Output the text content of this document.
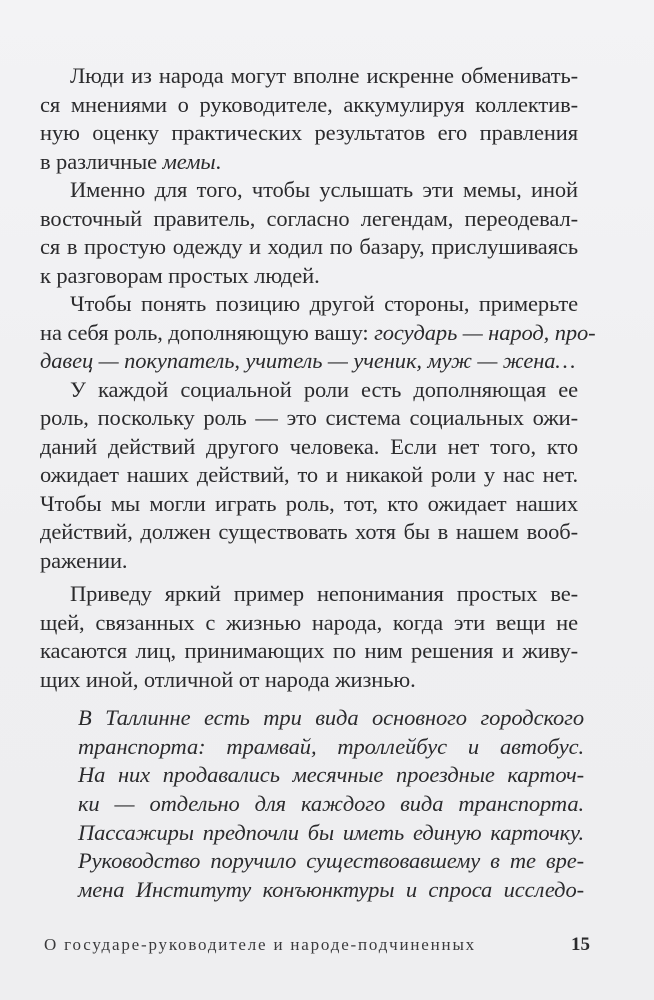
Люди из народа могут вполне искренне обменивать-
ся мнениями о руководителе, аккумулируя коллектив-
ную оценку практических результатов его правления
в различные мемы.
Именно для того, чтобы услышать эти мемы, иной
восточный правитель, согласно легендам, переодевал-
ся в простую одежду и ходил по базару, прислушиваясь
к разговорам простых людей.
Чтобы понять позицию другой стороны, примерьте
на себя роль, дополняющую вашу: государь — народ, про-
давец — покупатель, учитель — ученик, муж — жена…
У каждой социальной роли есть дополняющая ее
роль, поскольку роль — это система социальных ожи-
даний действий другого человека. Если нет того, кто
ожидает наших действий, то и никакой роли у нас нет.
Чтобы мы могли играть роль, тот, кто ожидает наших
действий, должен существовать хотя бы в нашем вооб-
ражении.
Приведу яркий пример непонимания простых ве-
щей, связанных с жизнью народа, когда эти вещи не
касаются лиц, принимающих по ним решения и живу-
щих иной, отличной от народа жизнью.
В Таллинне есть три вида основного городского
транспорта: трамвай, троллейбус и автобус.
На них продавались месячные проездные карточ-
ки — отдельно для каждого вида транспорта.
Пассажиры предпочли бы иметь единую карточку.
Руководство поручило существовавшему в те вре-
мена Институту конъюнктуры и спроса исследо-
О государе-руководителе и народе-подчиненных	15
